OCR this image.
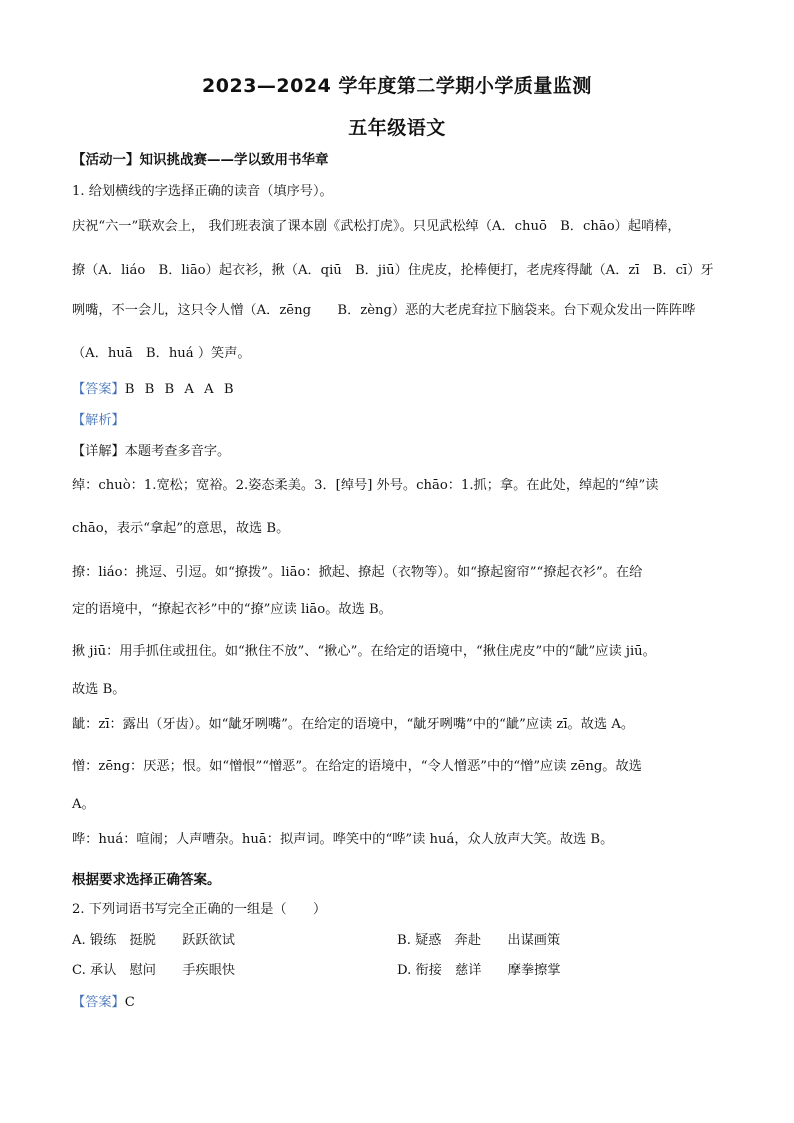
2023—2024 学年度第二学期小学质量监测
五年级语文
【活动一】知识挑战赛——学以致用书华章
1. 给划横线的字选择正确的读音（填序号）。
庆祝“六一”联欢会上， 我们班表演了课本剧《武松打虎》。只见武松绰（A．chuō　B．chāo）起哨棒，
撩（A．liáo　B．liāo）起衣衫，揪（A．qiū　B．jiū）住虎皮，抡棒便打，老虎疼得龇（A．zī　B．cī）牙
咧嘴，不一会儿，这只令人憎（A．zēng　　B．zèng）恶的大老虎耷拉下脑袋来。台下观众发出一阵阵哗
（A．huā　B．huá ）笑声。
【答案】B B B A A B
【解析】
【详解】本题考查多音字。
绰：chuò：1.宽松；宽裕。2.姿态柔美。3．[绰号] 外号。chāo：1.抓；拿。在此处，绰起的“绰”读
chāo，表示“拿起”的意思，故选 B。
撩：liáo：挑逗、引逗。如“撩拨”。liāo：掀起、撩起（衣物等）。如“撩起窗帘”“撩起衣衫”。在给
定的语境中，“撩起衣衫”中的“撩”应读 liāo。故选 B。
揪 jiū：用手抓住或扭住。如“揪住不放”、“揪心”。在给定的语境中，“揪住虎皮”中的“龇”应读 jiū。
故选 B。
龇：zī：露出（牙齿）。如“龇牙咧嘴”。在给定的语境中，“龇牙咧嘴”中的“龇”应读 zī。故选 A。
憎：zēng：厌恶；恨。如“憎恨”“憎恶”。在给定的语境中，“令人憎恶”中的“憎”应读 zēng。故选
A。
哗：huá：喧闹；人声嘈杂。huā：拟声词。哗笑中的“哗”读 huá，众人放声大笑。故选 B。
根据要求选择正确答案。
2. 下列词语书写完全正确的一组是（　　）
A. 锻练　挺脱　　跃跃欲试	B. 疑惑　奔赴　　出谋画策
C. 承认　慰问　　手疾眼快	D. 衔接　慈详　　摩拳擦掌
【答案】C
